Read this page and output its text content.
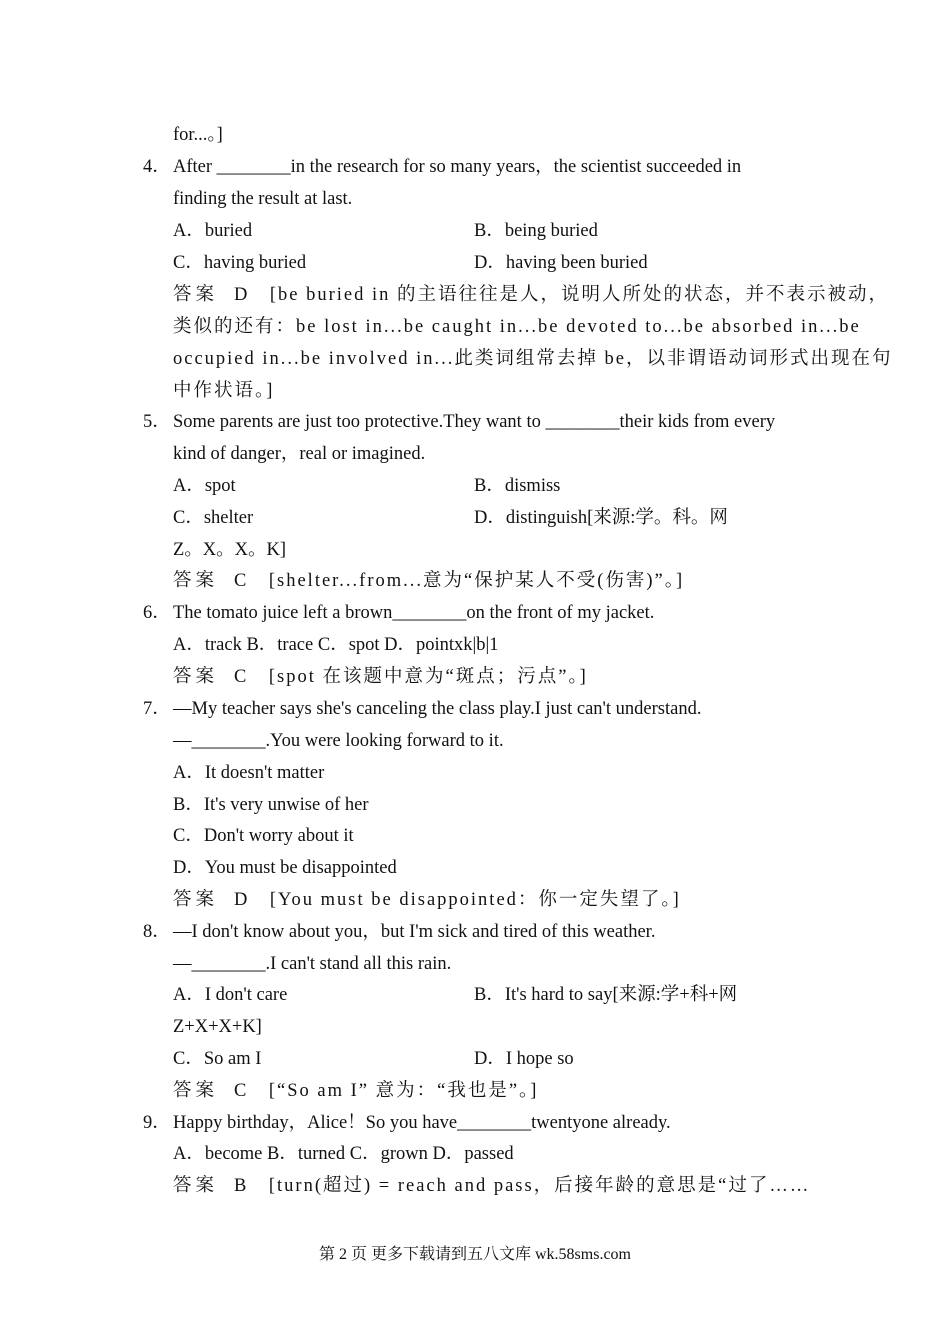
for...。]
4． After ________in the research for so many years，the scientist succeeded in
finding the result at last.
A．buried	B．being buried
C．having buried	D．having been buried
答案 D　[be buried in 的主语往往是人，说明人所处的状态，并不表示被动，
类似的还有：be lost in...be caught in...be devoted to...be absorbed in...be
occupied in...be involved in...此类词组常去掉 be，以非谓语动词形式出现在句
中作状语。]
5． Some parents are just too protective.They want to ________their kids from every
kind of danger，real or imagined.
A．spot	B．dismiss
C．shelter	D．distinguish[来源:学。科。网
Z。X。X。K]
答案 C　[shelter...from...意为“保护某人不受(伤害)”。]
6． The tomato juice left a brown________on the front of my jacket.
A．track B．trace C．spot D．pointxk|b|1
答案 C　[spot 在该题中意为“斑点；污点”。]
7． —My teacher says she's canceling the class play.I just can't understand.
—________.You were looking forward to it.
A．It doesn't matter
B．It's very unwise of her
C．Don't worry about it
D．You must be disappointed
答案 D　[You must be disappointed：你一定失望了。]
8． —I don't know about you，but I'm sick and tired of this weather.
—________.I can't stand all this rain.
A．I don't care	B．It's hard to say[来源:学+科+网
Z+X+X+K]
C．So am I	D．I hope so
答案 C　[“So am I” 意为：“我也是”。]
9． Happy birthday，Alice！So you have________twentyone already.
A．become B．turned C．grown D．passed
答案 B　[turn(超过) = reach and pass，后接年龄的意思是“过了……
第 2 页 更多下载请到五八文库 wk.58sms.com
